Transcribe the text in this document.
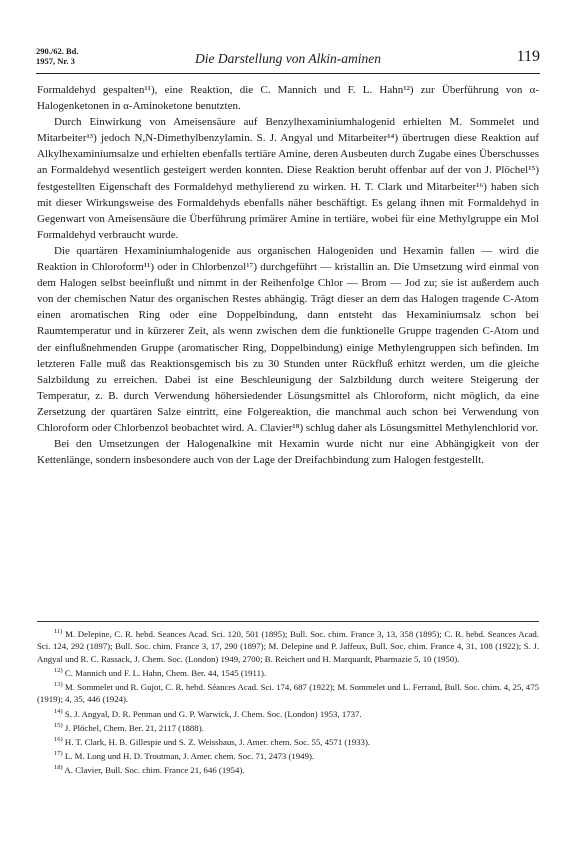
290./62. Bd.
1957, Nr. 3	Die Darstellung von Alkin-aminen	119

Formaldehyd gespalten¹¹), eine Reaktion, die C. Mannich und F. L. Hahn¹²) zur Überführung von α-Halogenketonen in α-Aminoketone benutzten.

Durch Einwirkung von Ameisensäure auf Benzylhexaminiumhalogenid erhielten M. Sommelet und Mitarbeiter¹³) jedoch N,N-Dimethylbenzylamin. S. J. Angyal und Mitarbeiter¹⁴) übertrugen diese Reaktion auf Alkylhexaminiumsalze und erhielten ebenfalls tertiäre Amine, deren Ausbeuten durch Zugabe eines Überschusses an Formaldehyd wesentlich gesteigert werden konnten. Diese Reaktion beruht offenbar auf der von J. Plöchel¹⁵) festgestellten Eigenschaft des Formaldehyd methylierend zu wirken. H. T. Clark und Mitarbeiter¹⁶) haben sich mit dieser Wirkungsweise des Formaldehyds ebenfalls näher beschäftigt. Es gelang ihnen mit Formaldehyd in Gegenwart von Ameisensäure die Überführung primärer Amine in tertiäre, wobei für eine Methylgruppe ein Mol Formaldehyd verbraucht wurde.

Die quartären Hexaminiumhalogenide aus organischen Halogeniden und Hexamin fallen — wird die Reaktion in Chloroform¹¹) oder in Chlorbenzol¹⁷) durchgeführt — kristallin an. Die Umsetzung wird einmal von dem Halogen selbst beeinflußt und nimmt in der Reihenfolge Chlor — Brom — Jod zu; sie ist außerdem auch von der chemischen Natur des organischen Restes abhängig. Trägt dieser an dem das Halogen tragende C-Atom einen aromatischen Ring oder eine Doppelbindung, dann entsteht das Hexaminiumsalz schon bei Raumtemperatur und in kürzerer Zeit, als wenn zwischen dem die funktionelle Gruppe tragenden C-Atom und der einflußnehmenden Gruppe (aromatischer Ring, Doppelbindung) einige Methylengruppen sich befinden. Im letzteren Falle muß das Reaktionsgemisch bis zu 30 Stunden unter Rückfluß erhitzt werden, um die gleiche Salzbildung zu erreichen. Dabei ist eine Beschleunigung der Salzbildung durch weitere Steigerung der Temperatur, z. B. durch Verwendung höhersiedender Lösungsmittel als Chloroform, nicht möglich, da eine Zersetzung der quartären Salze eintritt, eine Folgereaktion, die manchmal auch schon bei Verwendung von Chloroform oder Chlorbenzol beobachtet wird. A. Clavier¹⁸) schlug daher als Lösungsmittel Methylenchlorid vor.

Bei den Umsetzungen der Halogenalkine mit Hexamin wurde nicht nur eine Abhängigkeit von der Kettenlänge, sondern insbesondere auch von der Lage der Dreifachbindung zum Halogen festgestellt.

$^{11)}$ M. Delepine, C. R. hebd. Seances Acad. Sci. 120, 501 (1895); Bull. Soc. chim. France 3, 13, 358 (1895); C. R. hebd. Seances Acad. Sci. 124, 292 (1897); Bull. Soc. chim. France 3, 17, 290 (1897); M. Delepine und P. Jaffeux, Bull. Soc. chim. France 4, 31, 108 (1922); S. J. Angyal und R. C. Rassack, J. Chem. Soc. (London) 1949, 2700; B. Reichert und H. Marquardt, Pharmazie 5, 10 (1950).

$^{12)}$ C. Mannich und F. L. Hahn, Chem. Ber. 44, 1545 (1911).

$^{13)}$ M. Sommelet und R. Gujot, C. R. hebd. Séances Acad. Sci. 174, 687 (1922); M. Sommelet und L. Ferrand, Bull. Soc. chim. 4, 25, 475 (1919); 4, 35, 446 (1924).

$^{14)}$ S. J. Angyal, D. R. Penman und G. P. Warwick, J. Chem. Soc. (London) 1953, 1737.

$^{15)}$ J. Plöchel, Chem. Ber. 21, 2117 (1888).

$^{16)}$ H. T. Clark, H. B. Gillespie und S. Z. Weisshaus, J. Amer. chem. Soc. 55, 4571 (1933).

$^{17)}$ L. M. Long und H. D. Troutman, J. Amer. chem. Soc. 71, 2473 (1949).

$^{18)}$ A. Clavier, Bull. Soc. chim. France 21, 646 (1954).
